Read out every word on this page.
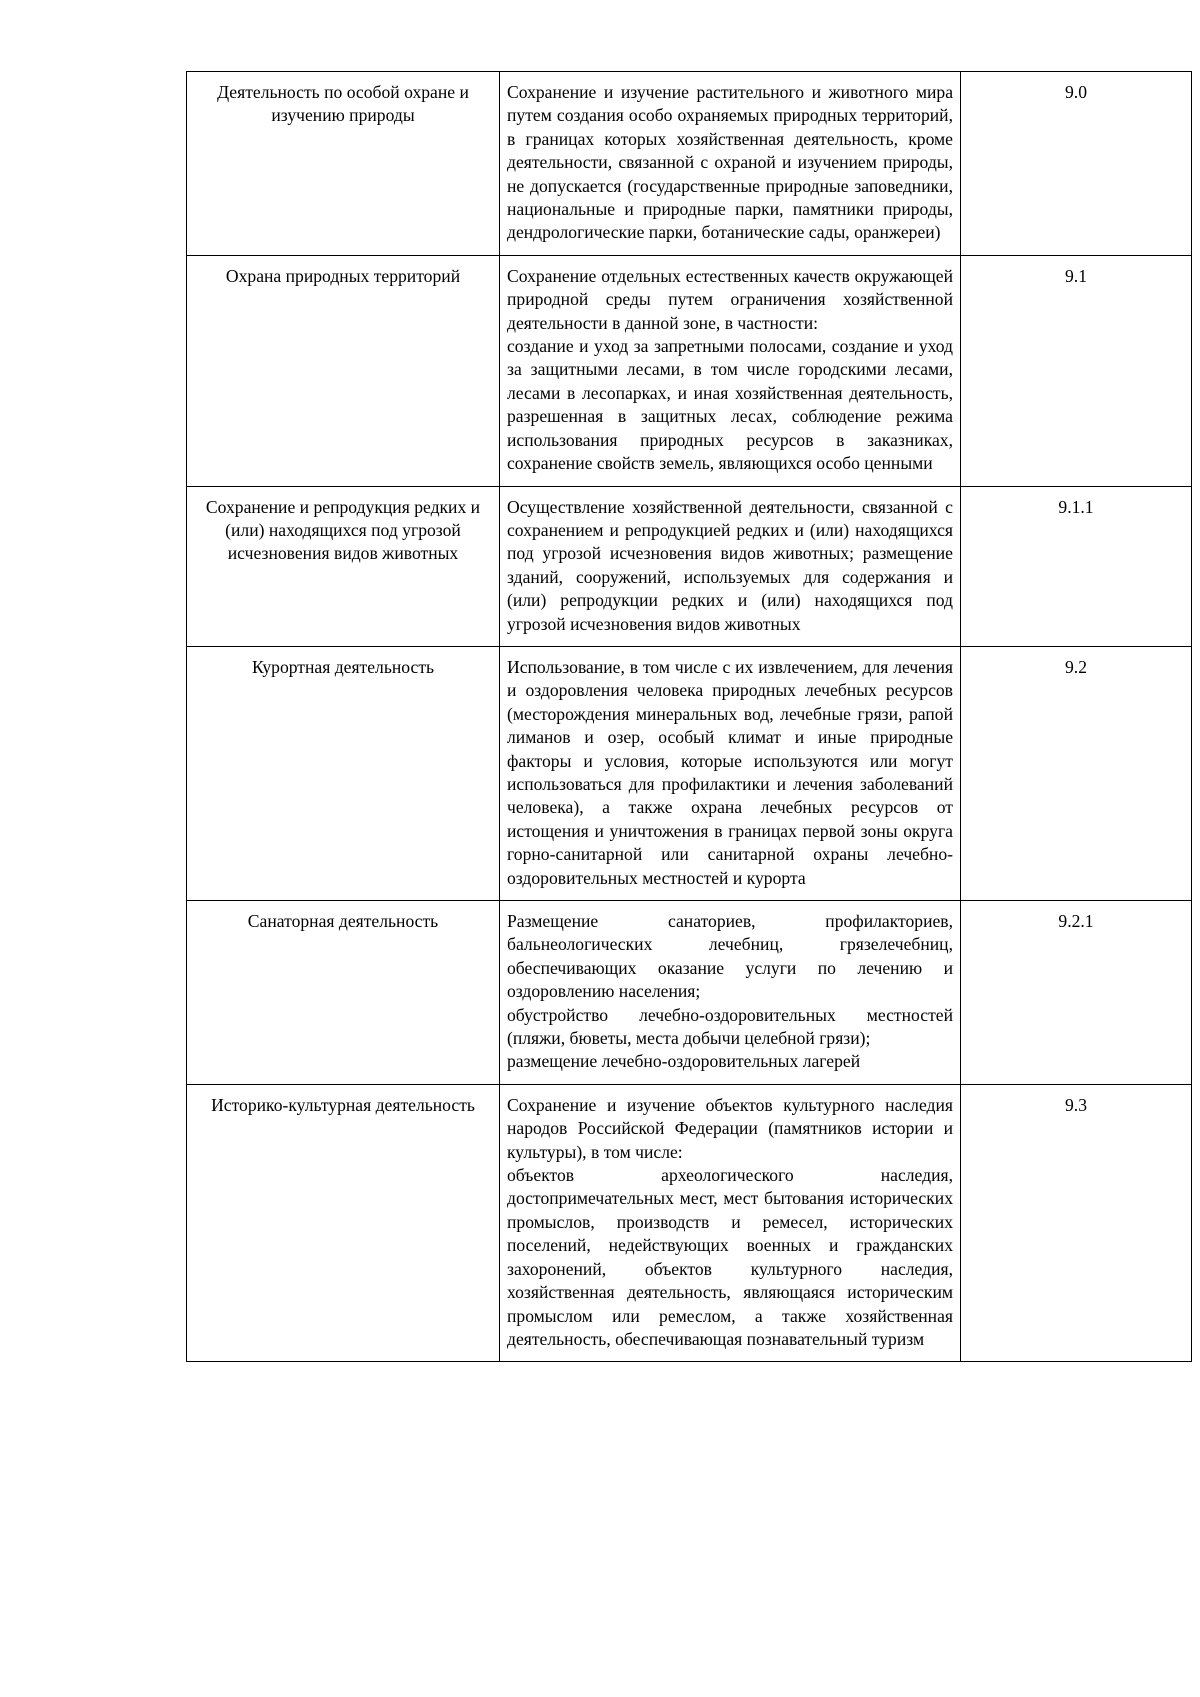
Деятельность по особой охране и изучению природы	Сохранение и изучение растительного и животного мира путем создания особо охраняемых природных территорий, в границах которых хозяйственная деятельность, кроме деятельности, связанной с охраной и изучением природы, не допускается (государственные природные заповедники, национальные и природные парки, памятники природы, дендрологические парки, ботанические сады, оранжереи)	9.0
Охрана природных территорий	Сохранение отдельных естественных качеств окружающей природной среды путем ограничения хозяйственной деятельности в данной зоне, в частности:

создание и уход за запретными полосами, создание и уход за защитными лесами, в том числе городскими лесами, лесами в лесопарках, и иная хозяйственная деятельность, разрешенная в защитных лесах, соблюдение режима использования природных ресурсов в заказниках, сохранение свойств земель, являющихся особо ценными	9.1
Сохранение и репродукция редких и (или) находящихся под угрозой исчезновения видов животных	Осуществление хозяйственной деятельности, связанной с сохранением и репродукцией редких и (или) находящихся под угрозой исчезновения видов животных; размещение зданий, сооружений, используемых для содержания и (или) репродукции редких и (или) находящихся под угрозой исчезновения видов животных	9.1.1
Курортная деятельность	Использование, в том числе с их извлечением, для лечения и оздоровления человека природных лечебных ресурсов (месторождения минеральных вод, лечебные грязи, рапой лиманов и озер, особый климат и иные природные факторы и условия, которые используются или могут использоваться для профилактики и лечения заболеваний человека), а также охрана лечебных ресурсов от истощения и уничтожения в границах первой зоны округа горно-санитарной или санитарной охраны лечебно-оздоровительных местностей и курорта	9.2
Санаторная деятельность	Размещение санаториев, профилакториев, бальнеологических лечебниц, грязелечебниц, обеспечивающих оказание услуги по лечению и оздоровлению населения;

обустройство лечебно-оздоровительных местностей (пляжи, бюветы, места добычи целебной грязи);

размещение лечебно-оздоровительных лагерей	9.2.1
Историко-культурная деятельность	Сохранение и изучение объектов культурного наследия народов Российской Федерации (памятников истории и культуры), в том числе:

объектов археологического наследия, достопримечательных мест, мест бытования исторических промыслов, производств и ремесел, исторических поселений, недействующих военных и гражданских захоронений, объектов культурного наследия, хозяйственная деятельность, являющаяся историческим промыслом или ремеслом, а также хозяйственная деятельность, обеспечивающая познавательный туризм	9.3
